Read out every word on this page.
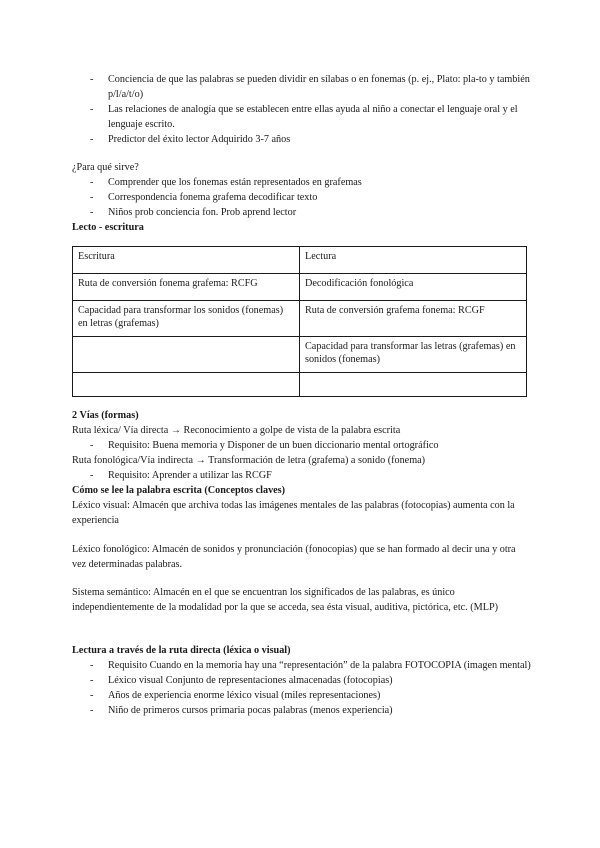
- Conciencia de que las palabras se pueden dividir en sílabas o en fonemas (p. ej., Plato: pla-to y también p/l/a/t/o)
- Las relaciones de analogía que se establecen entre ellas ayuda al niño a conectar el lenguaje oral y el lenguaje escrito.
- Predictor del éxito lector Adquirido 3-7 años

¿Para qué sirve?

- Comprender que los fonemas están representados en grafemas
- Correspondencia fonema grafema decodificar texto
- Niños prob conciencia fon. Prob aprend lector

Lecto - escritura

Escritura	Lectura
Ruta de conversión fonema grafema: RCFG	Decodificación fonológica
Capacidad para transformar los sonidos (fonemas) en letras (grafemas)	Ruta de conversión grafema fonema: RCGF
	Capacidad para transformar las letras (grafemas) en sonidos (fonemas)

2 Vías (formas)

Ruta léxica/ Vía directa → Reconocimiento a golpe de vista de la palabra escrita

- Requisito: Buena memoria y Disponer de un buen diccionario mental ortográfico

Ruta fonológica/Vía indirecta → Transformación de letra (grafema) a sonido (fonema)

- Requisito: Aprender a utilizar las RCGF

Cómo se lee la palabra escrita (Conceptos claves)

Léxico visual: Almacén que archiva todas las imágenes mentales de las palabras (fotocopias) aumenta con la experiencia

Léxico fonológico: Almacén de sonidos y pronunciación (fonocopias) que se han formado al decir una y otra vez determinadas palabras.

Sistema semántico: Almacén en el que se encuentran los significados de las palabras, es único independientemente de la modalidad por la que se acceda, sea ésta visual, auditiva, pictórica, etc. (MLP)

Lectura a través de la ruta directa (léxica o visual)

- Requisito Cuando en la memoria hay una “representación” de la palabra FOTOCOPIA (imagen mental)
- Léxico visual Conjunto de representaciones almacenadas (fotocopias)
- Años de experiencia enorme léxico visual (miles representaciones)
- Niño de primeros cursos primaria pocas palabras (menos experiencia)
